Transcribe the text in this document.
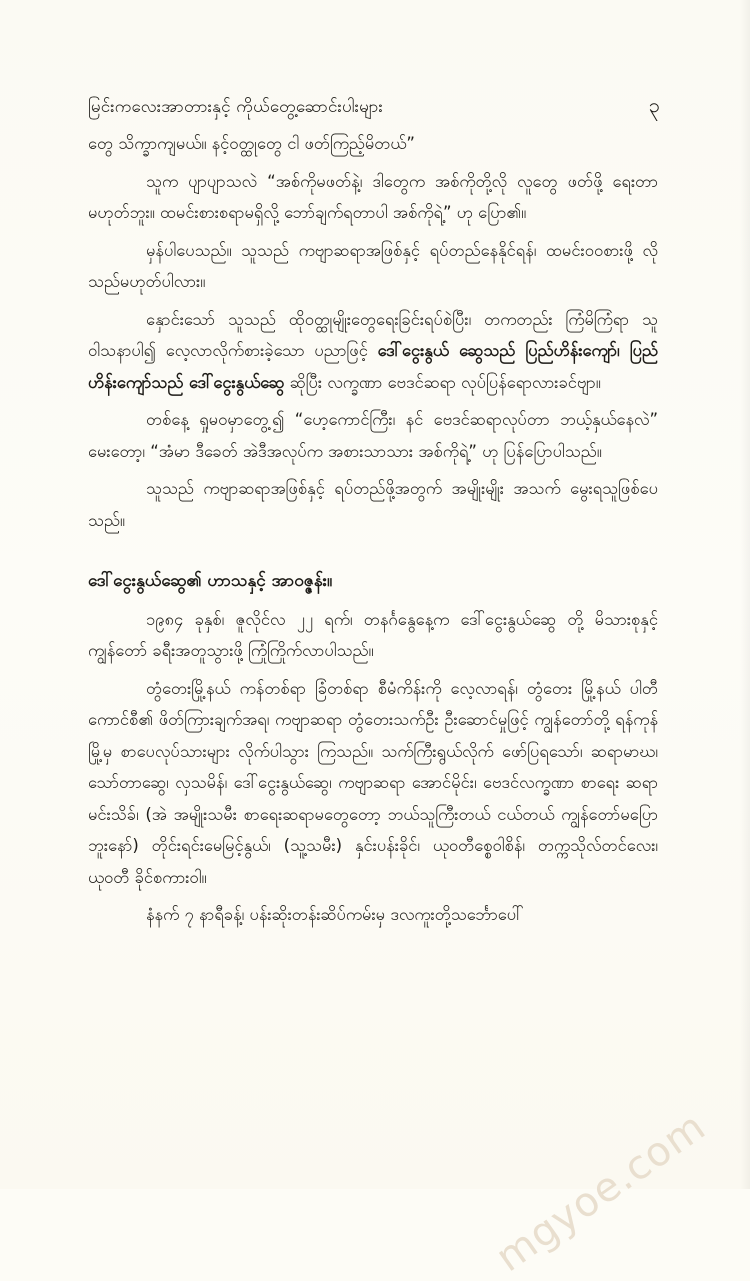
မြင်းကလေးအာတားနှင့် ကိုယ်တွေ့ဆောင်းပါးများ	၃

တွေ သိက္ခာကျမယ်။ နင့်ဝတ္ထုတွေ ငါ ဖတ်ကြည့်မိတယ်”

သူက ပျာပျာသလဲ “အစ်ကိုမဖတ်နဲ့၊ ဒါတွေက အစ်ကိုတို့လို လူတွေ ဖတ်ဖို့ ရေးတာမဟုတ်ဘူး။ ထမင်းစားစရာမရှိလို့ ဘော်ချက်ရတာပါ အစ်ကိုရဲ့” ဟု ပြော၏။

မှန်ပါပေသည်။ သူသည် ကဗျာဆရာအဖြစ်နှင့် ရပ်တည်နေနိုင်ရန်၊ ထမင်းဝဝစားဖို့ လိုသည်မဟုတ်ပါလား။

နှောင်းသော် သူသည် ထိုဝတ္ထုမျိုးတွေရေးခြင်းရပ်စဲပြီး၊ တကတည်း ကြံမိကြံရာ သူဝါသနာပါ၍ လေ့လာလိုက်စားခဲ့သော ပညာဖြင့် ဒေါ်ငွေးနွယ် ဆွေသည် ပြည်ဟိန်းကျော်၊ ပြည်ဟိန်းကျော်သည် ဒေါ်ငွေးနွယ်ဆွေ ဆိုပြီး လက္ခဏာ ဗေဒင်ဆရာ လုပ်ပြန်ရောလားခင်ဗျာ။

တစ်နေ့ ရှုမဝမှာတွေ့၍ “ဟေ့ကောင်ကြီး၊ နင် ဗေဒင်ဆရာလုပ်တာ ဘယ့်နှယ်နေလဲ” မေးတော့၊ “အံမာ ဒီခေတ် အဲဒီအလုပ်က အစားသာသား အစ်ကိုရဲ့” ဟု ပြန်ပြောပါသည်။

သူသည် ကဗျာဆရာအဖြစ်နှင့် ရပ်တည်ဖို့အတွက် အမျိုးမျိုး အသက် မွေးရသူဖြစ်ပေသည်။

ဒေါ်ငွေးနွယ်ဆွေ၏ ဟာသနှင့် အာဝဇ္ဇန်း။

၁၉၈၄ ခုနှစ်၊ ဇူလိုင်လ ၂၂ ရက်၊ တနင်္ဂနွေနေ့က ဒေါ်ငွေးနွယ်ဆွေ တို့ မိသားစုနှင့် ကျွန်တော် ခရီးအတူသွားဖို့ ကြုံကြိုက်လာပါသည်။

တွံတေးမြို့နယ် ကန်တစ်ရာ ခြံတစ်ရာ စီမံကိန်းကို လေ့လာရန်၊ တွံတေး မြို့နယ် ပါတီကောင်စီ၏ ဖိတ်ကြားချက်အရ၊ ကဗျာဆရာ တွံတေးသက်ဦး ဦးဆောင်မှုဖြင့် ကျွန်တော်တို့ ရန်ကုန်မြို့မှ စာပေလုပ်သားများ လိုက်ပါသွား ကြသည်။ သက်ကြီးရွယ်လိုက် ဖော်ပြရသော်၊ ဆရာမာဃ၊ သော်တာဆွေ၊ လှသမိန်၊ ဒေါ်ငွေးနွယ်ဆွေ၊ ကဗျာဆရာ အောင်မိုင်း၊ ဗေဒင်လက္ခဏာ စာရေး ဆရာ မင်းသိခ်၊ (အဲ အမျိုးသမီး စာရေးဆရာမတွေတော့ ဘယ်သူကြီးတယ် ငယ်တယ် ကျွန်တော်မပြောဘူးနော်) တိုင်းရင်းမေမြင့်နွယ်၊ (သူ့သမီး) နှင်းပန်းခိုင်၊ ယုဝတီစ္စေဝါစိန်၊ တက္ကသိုလ်တင်လေး၊ ယုဝတီ ခိုင်စကားဝါ။

နံနက် ၇ နာရီခန့်၊ ပန်းဆိုးတန်းဆိပ်ကမ်းမှ ဒလကူးတို့သင်္ဘောပေါ်

mgyoe.com
